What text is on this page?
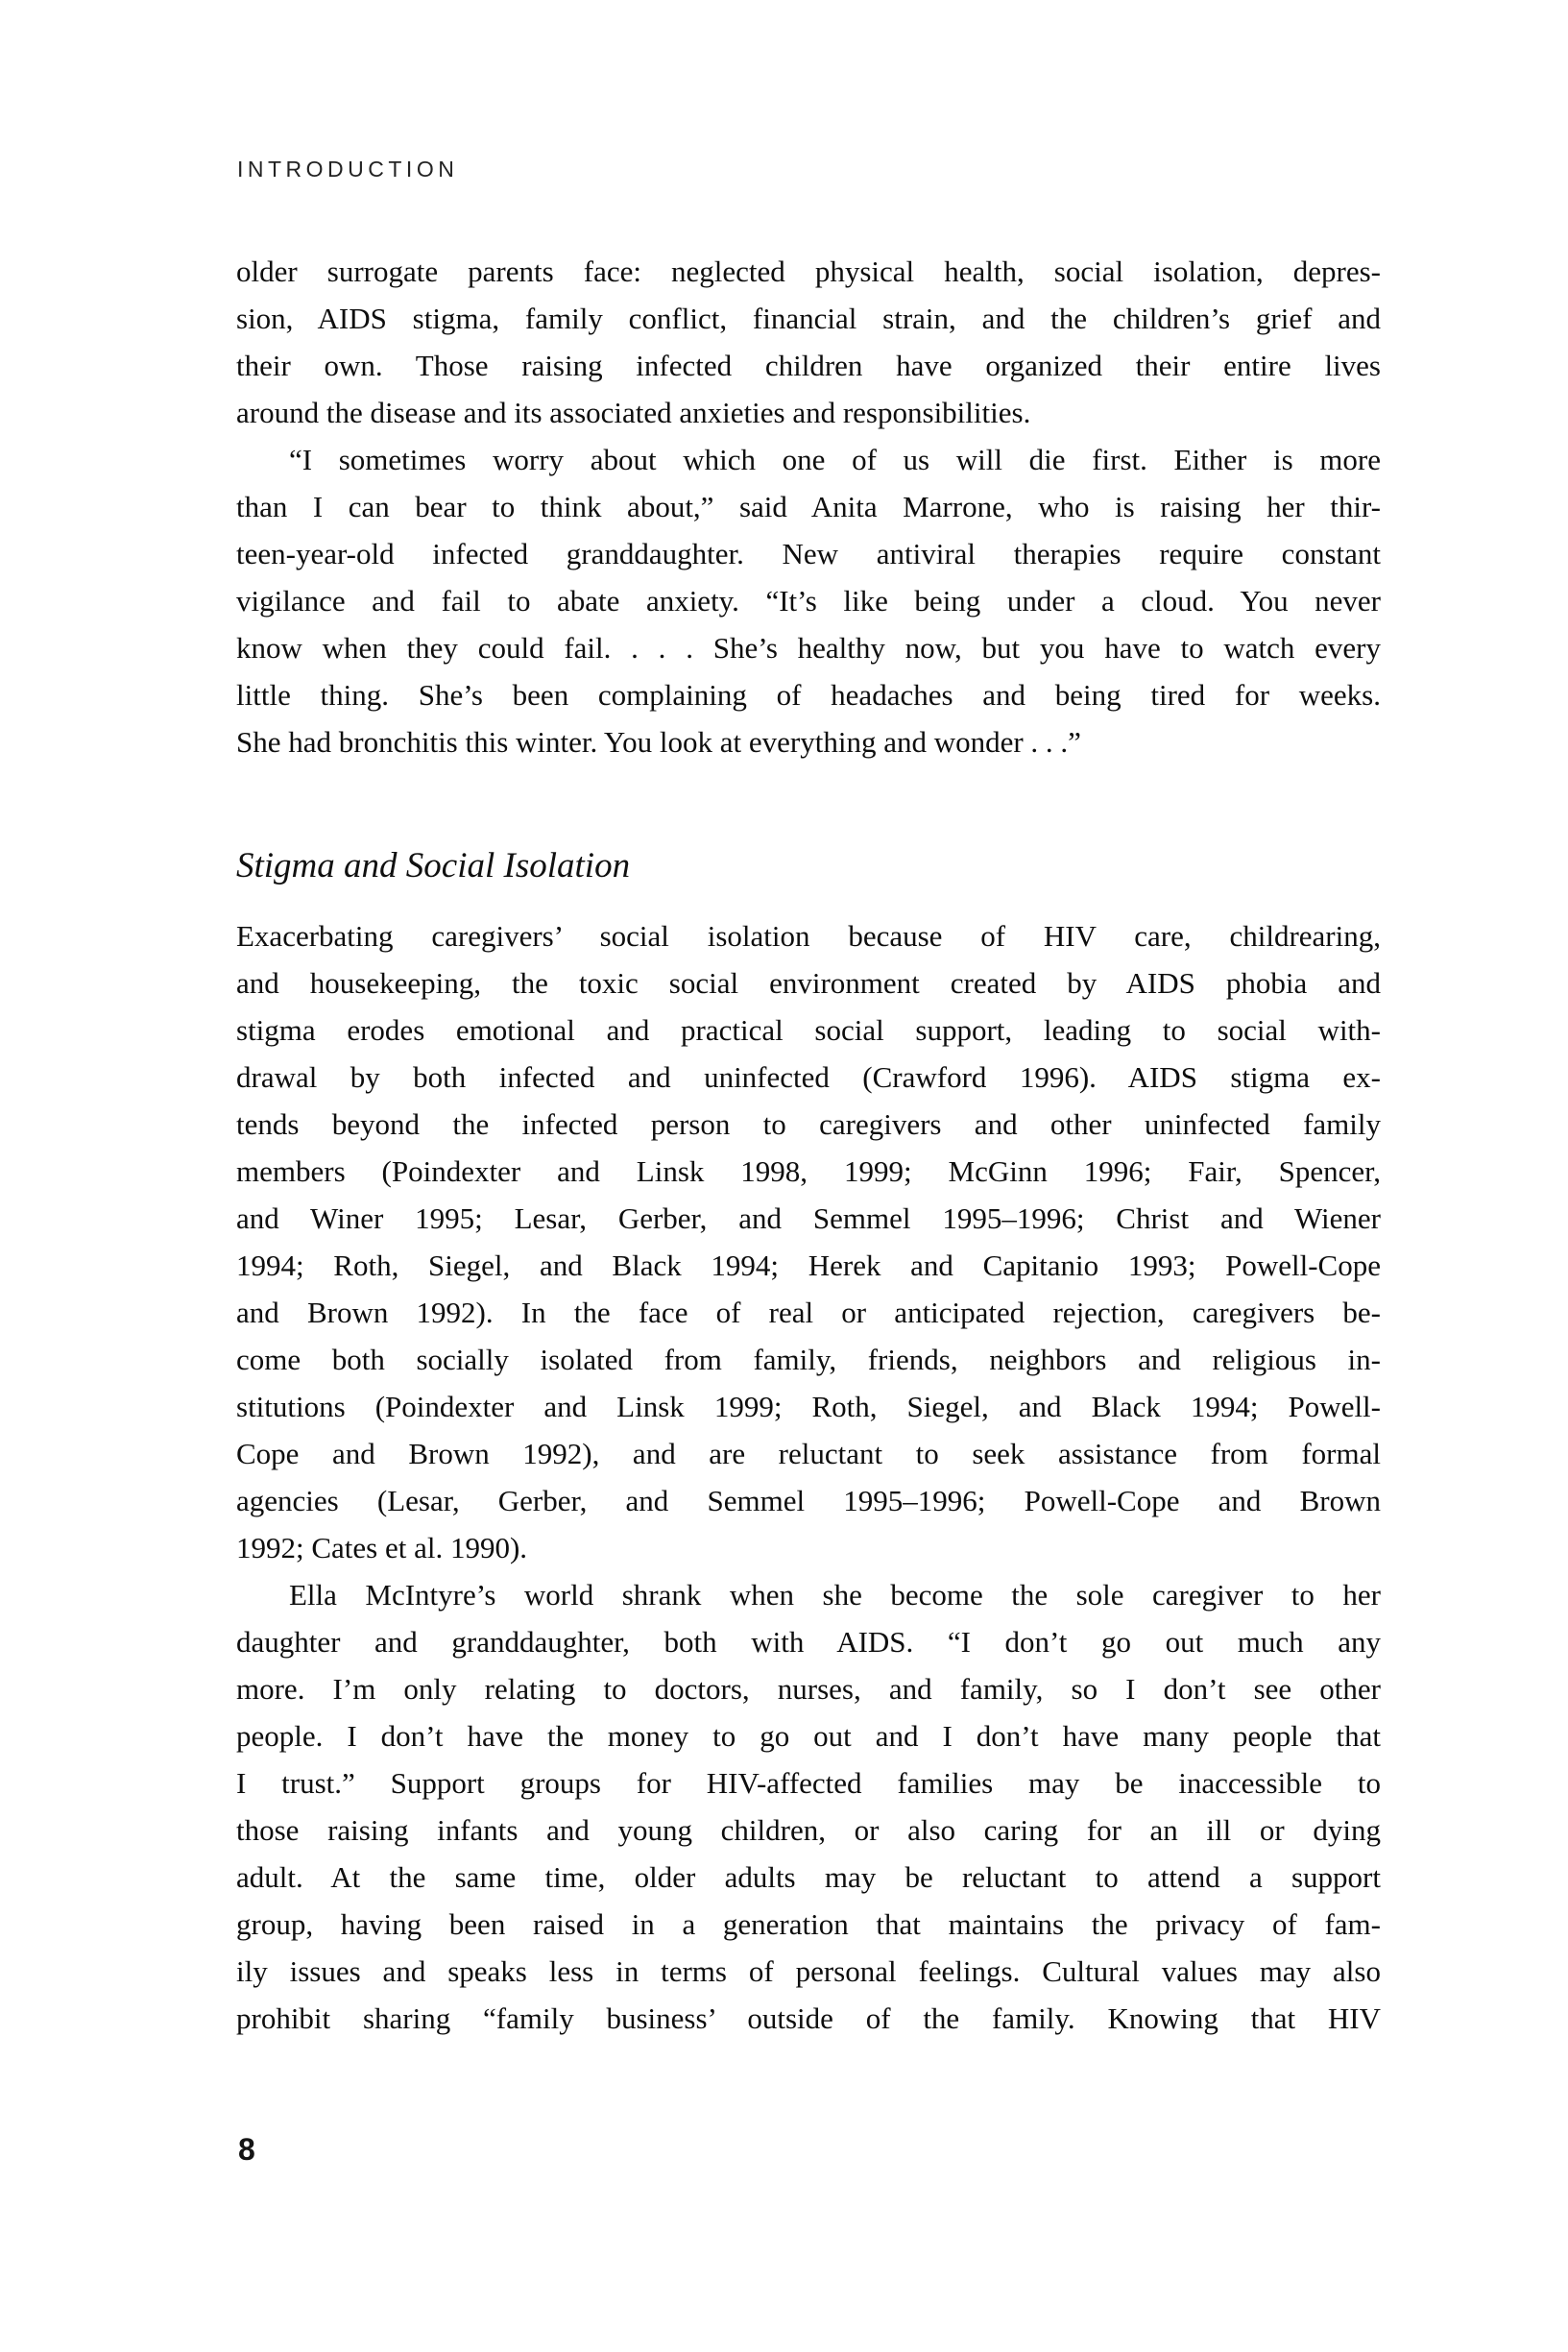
INTRODUCTION
older surrogate parents face: neglected physical health, social isolation, depres-
sion, AIDS stigma, family conflict, financial strain, and the children’s grief and
their own. Those raising infected children have organized their entire lives
around the disease and its associated anxieties and responsibilities.
“I sometimes worry about which one of us will die first. Either is more
than I can bear to think about,” said Anita Marrone, who is raising her thir-
teen-year-old infected granddaughter. New antiviral therapies require constant
vigilance and fail to abate anxiety. “It’s like being under a cloud. You never
know when they could fail. . . . She’s healthy now, but you have to watch every
little thing. She’s been complaining of headaches and being tired for weeks.
She had bronchitis this winter. You look at everything and wonder . . .”
Stigma and Social Isolation
Exacerbating caregivers’ social isolation because of HIV care, childrearing,
and housekeeping, the toxic social environment created by AIDS phobia and
stigma erodes emotional and practical social support, leading to social with-
drawal by both infected and uninfected (Crawford 1996). AIDS stigma ex-
tends beyond the infected person to caregivers and other uninfected family
members (Poindexter and Linsk 1998, 1999; McGinn 1996; Fair, Spencer,
and Winer 1995; Lesar, Gerber, and Semmel 1995–1996; Christ and Wiener
1994; Roth, Siegel, and Black 1994; Herek and Capitanio 1993; Powell-Cope
and Brown 1992). In the face of real or anticipated rejection, caregivers be-
come both socially isolated from family, friends, neighbors and religious in-
stitutions (Poindexter and Linsk 1999; Roth, Siegel, and Black 1994; Powell-
Cope and Brown 1992), and are reluctant to seek assistance from formal
agencies (Lesar, Gerber, and Semmel 1995–1996; Powell-Cope and Brown
1992; Cates et al. 1990).
Ella McIntyre’s world shrank when she become the sole caregiver to her
daughter and granddaughter, both with AIDS. “I don’t go out much any
more. I’m only relating to doctors, nurses, and family, so I don’t see other
people. I don’t have the money to go out and I don’t have many people that
I trust.” Support groups for HIV-affected families may be inaccessible to
those raising infants and young children, or also caring for an ill or dying
adult. At the same time, older adults may be reluctant to attend a support
group, having been raised in a generation that maintains the privacy of fam-
ily issues and speaks less in terms of personal feelings. Cultural values may also
prohibit sharing “family business’ outside of the family. Knowing that HIV
8
